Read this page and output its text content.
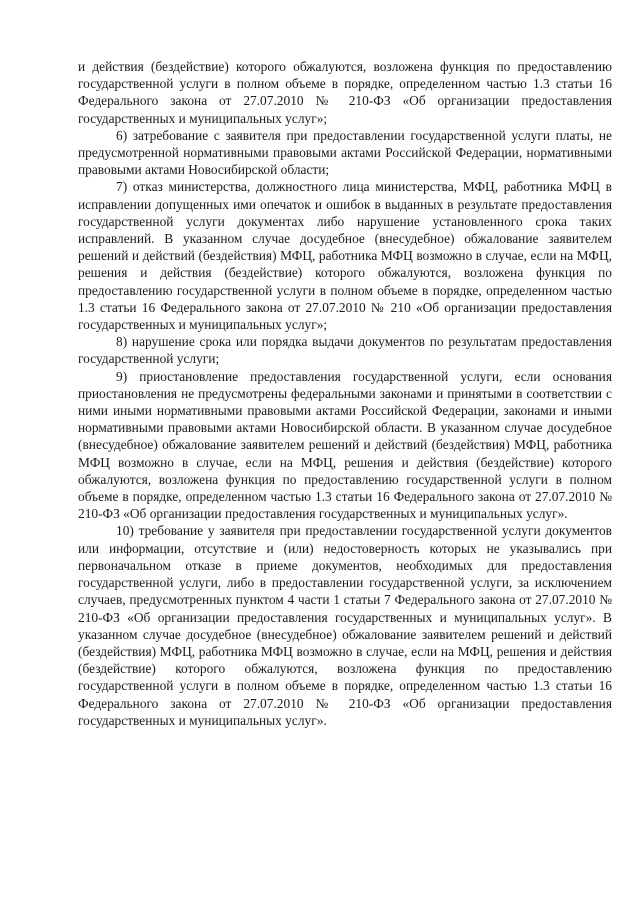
и действия (бездействие) которого обжалуются, возложена функция по предоставлению государственной услуги в полном объеме в порядке, определенном частью 1.3 статьи 16 Федерального закона от 27.07.2010 № 210-ФЗ «Об организации предоставления государственных и муниципальных услуг»;

6) затребование с заявителя при предоставлении государственной услуги платы, не предусмотренной нормативными правовыми актами Российской Федерации, нормативными правовыми актами Новосибирской области;

7) отказ министерства, должностного лица министерства, МФЦ, работника МФЦ в исправлении допущенных ими опечаток и ошибок в выданных в результате предоставления государственной услуги документах либо нарушение установленного срока таких исправлений. В указанном случае досудебное (внесудебное) обжалование заявителем решений и действий (бездействия) МФЦ, работника МФЦ возможно в случае, если на МФЦ, решения и действия (бездействие) которого обжалуются, возложена функция по предоставлению государственной услуги в полном объеме в порядке, определенном частью 1.3 статьи 16 Федерального закона от 27.07.2010 № 210 «Об организации предоставления государственных и муниципальных услуг»;

8) нарушение срока или порядка выдачи документов по результатам предоставления государственной услуги;

9) приостановление предоставления государственной услуги, если основания приостановления не предусмотрены федеральными законами и принятыми в соответствии с ними иными нормативными правовыми актами Российской Федерации, законами и иными нормативными правовыми актами Новосибирской области. В указанном случае досудебное (внесудебное) обжалование заявителем решений и действий (бездействия) МФЦ, работника МФЦ возможно в случае, если на МФЦ, решения и действия (бездействие) которого обжалуются, возложена функция по предоставлению государственной услуги в полном объеме в порядке, определенном частью 1.3 статьи 16 Федерального закона от 27.07.2010 № 210-ФЗ «Об организации предоставления государственных и муниципальных услуг».

10) требование у заявителя при предоставлении государственной услуги документов или информации, отсутствие и (или) недостоверность которых не указывались при первоначальном отказе в приеме документов, необходимых для предоставления государственной услуги, либо в предоставлении государственной услуги, за исключением случаев, предусмотренных пунктом 4 части 1 статьи 7 Федерального закона от 27.07.2010 № 210-ФЗ «Об организации предоставления государственных и муниципальных услуг». В указанном случае досудебное (внесудебное) обжалование заявителем решений и действий (бездействия) МФЦ, работника МФЦ возможно в случае, если на МФЦ, решения и действия (бездействие) которого обжалуются, возложена функция по предоставлению государственной услуги в полном объеме в порядке, определенном частью 1.3 статьи 16 Федерального закона от 27.07.2010 № 210-ФЗ «Об организации предоставления государственных и муниципальных услуг».
